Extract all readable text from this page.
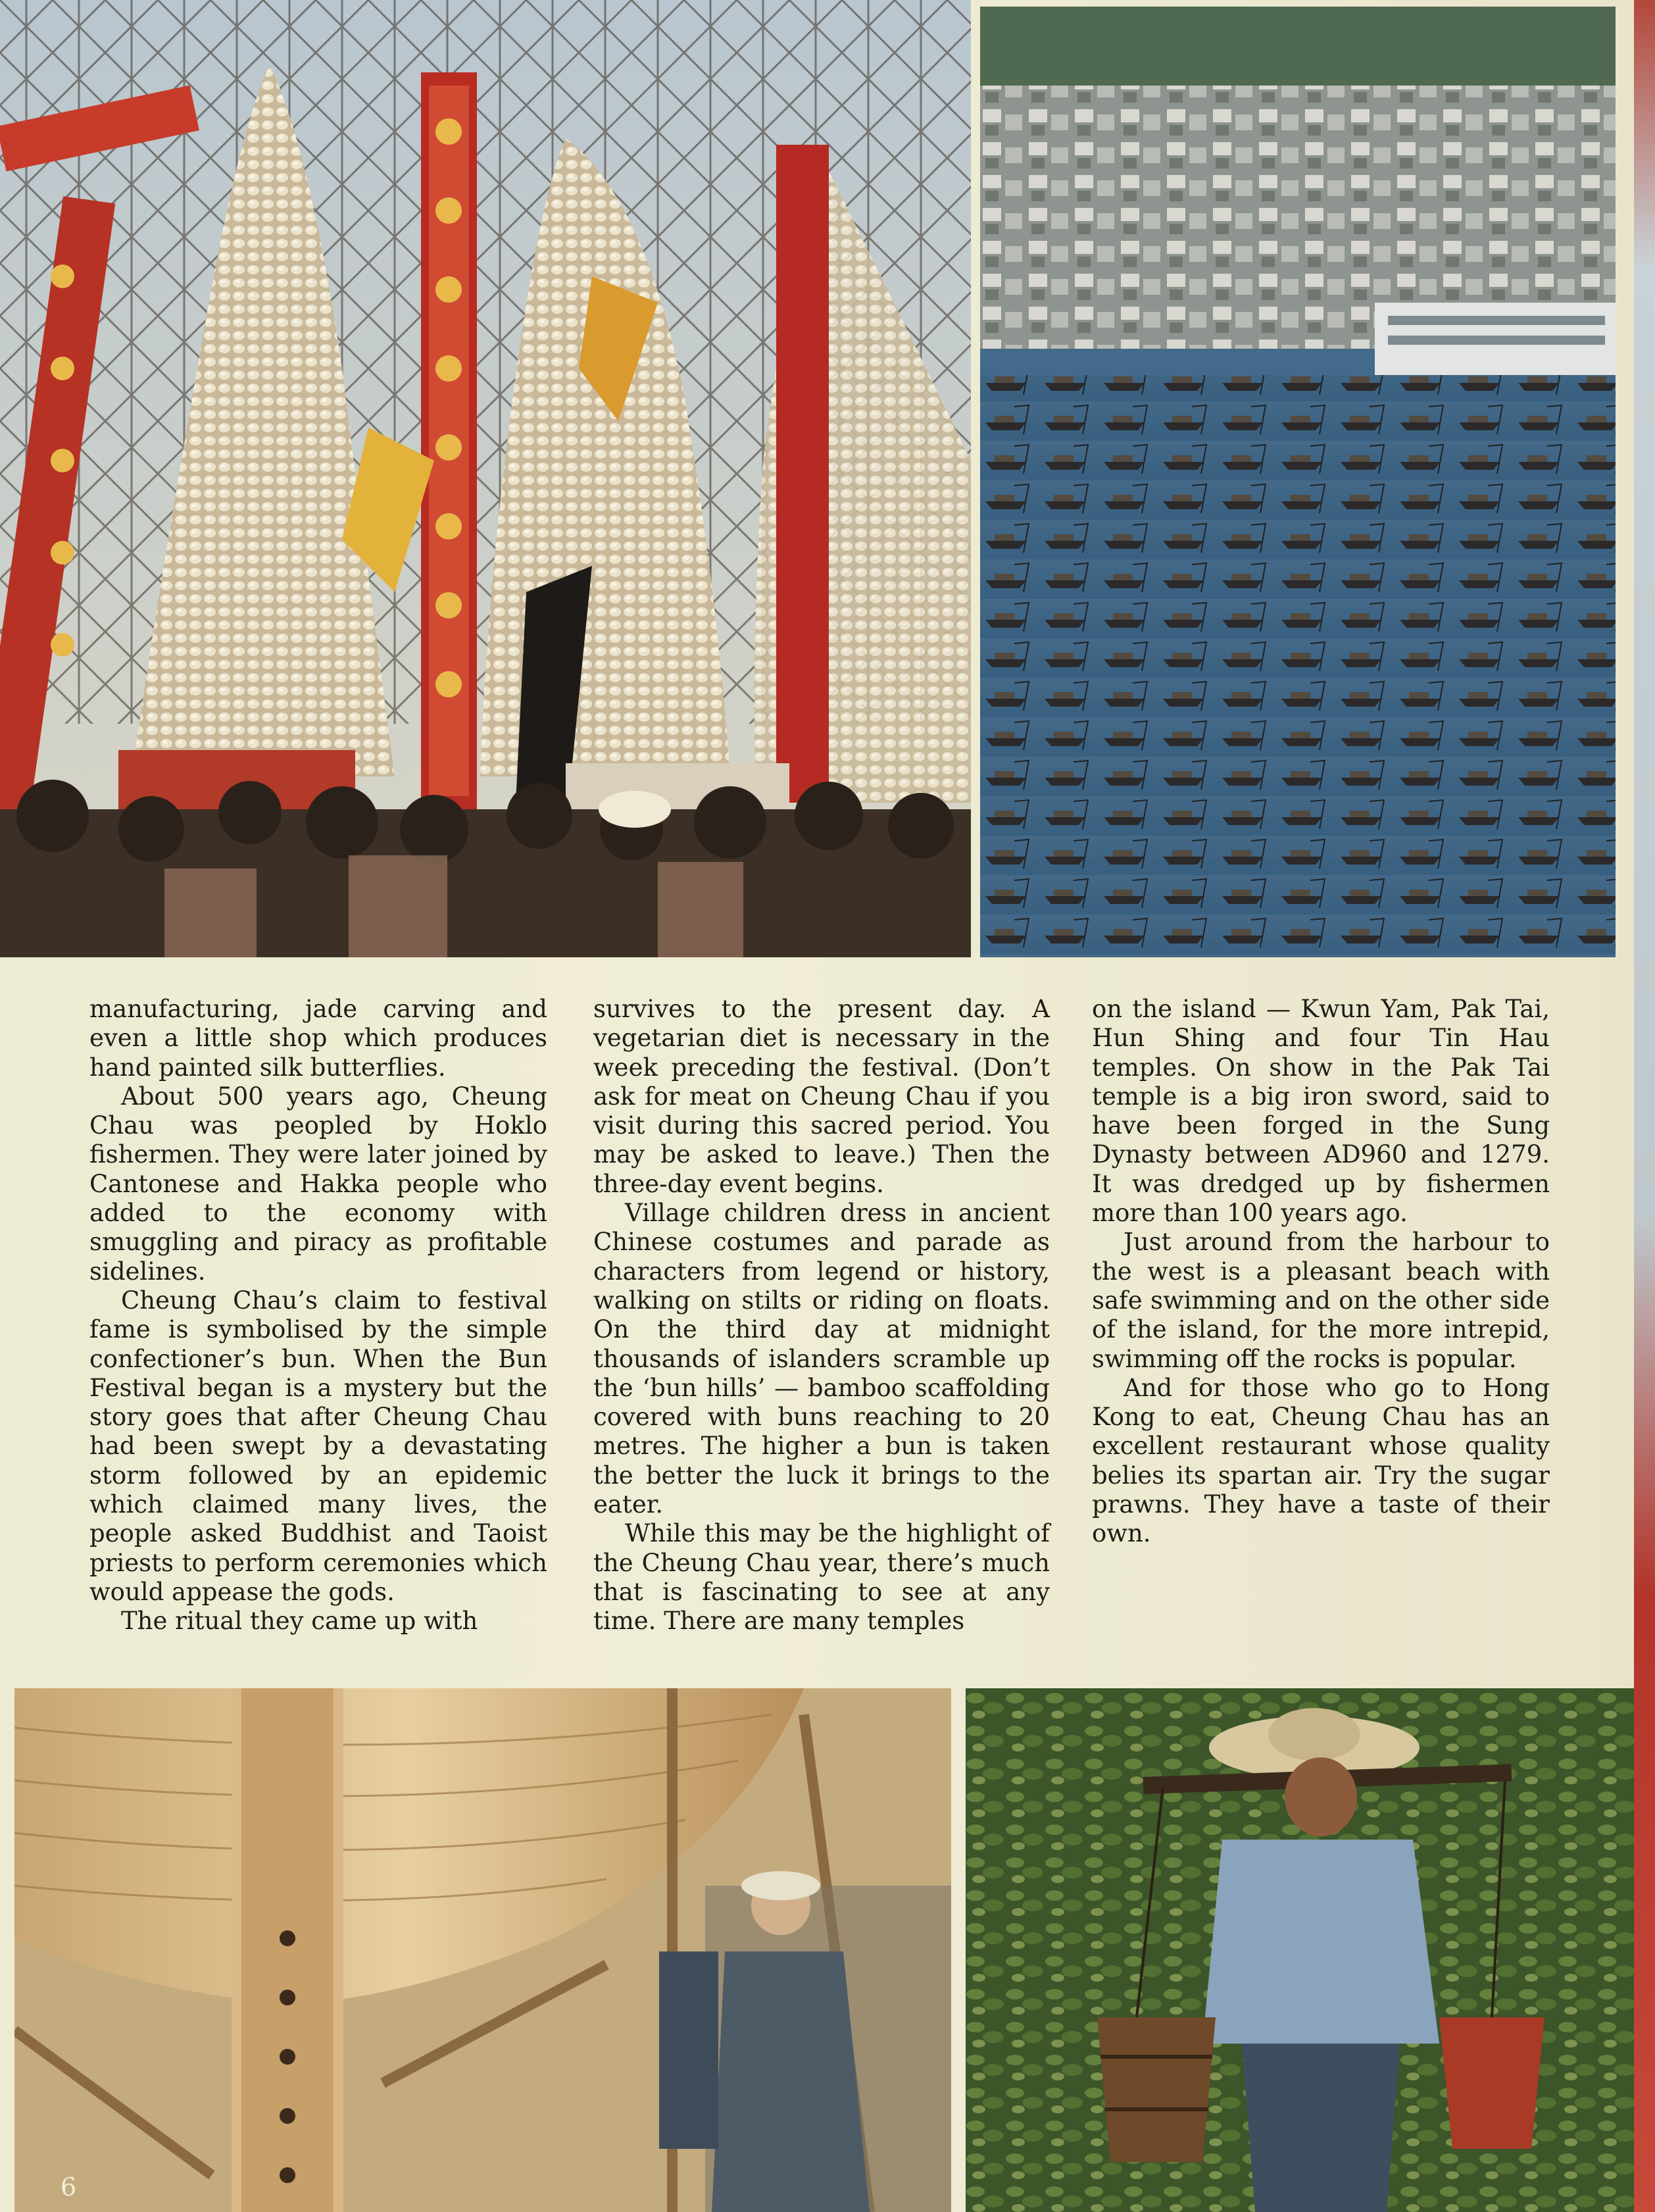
manufacturing, jade carving and even a little shop which produces hand painted silk butterflies.

About 500 years ago, Cheung Chau was peopled by Hoklo fishermen. They were later joined by Cantonese and Hakka people who added to the economy with smuggling and piracy as profitable sidelines.

Cheung Chau’s claim to festival fame is symbolised by the simple confectioner’s bun. When the Bun Festival began is a mystery but the story goes that after Cheung Chau had been swept by a devastating storm followed by an epidemic which claimed many lives, the people asked Buddhist and Taoist priests to perform ceremonies which would appease the gods.

The ritual they came up with

survives to the present day. A vegetarian diet is necessary in the week preceding the festival. (Don’t ask for meat on Cheung Chau if you visit during this sacred period. You may be asked to leave.) Then the three-day event begins.

Village children dress in ancient Chinese costumes and parade as characters from legend or history, walking on stilts or riding on floats. On the third day at midnight thousands of islanders scramble up the ‘bun hills’ — bamboo scaffolding covered with buns reaching to 20 metres. The higher a bun is taken the better the luck it brings to the eater.

While this may be the highlight of the Cheung Chau year, there’s much that is fascinating to see at any time. There are many temples

on the island — Kwun Yam, Pak Tai, Hun Shing and four Tin Hau temples. On show in the Pak Tai temple is a big iron sword, said to have been forged in the Sung Dynasty between AD960 and 1279. It was dredged up by fishermen more than 100 years ago.

Just around from the harbour to the west is a pleasant beach with safe swimming and on the other side of the island, for the more intrepid, swimming off the rocks is popular.

And for those who go to Hong Kong to eat, Cheung Chau has an excellent restaurant whose quality belies its spartan air. Try the sugar prawns. They have a taste of their own.

6
